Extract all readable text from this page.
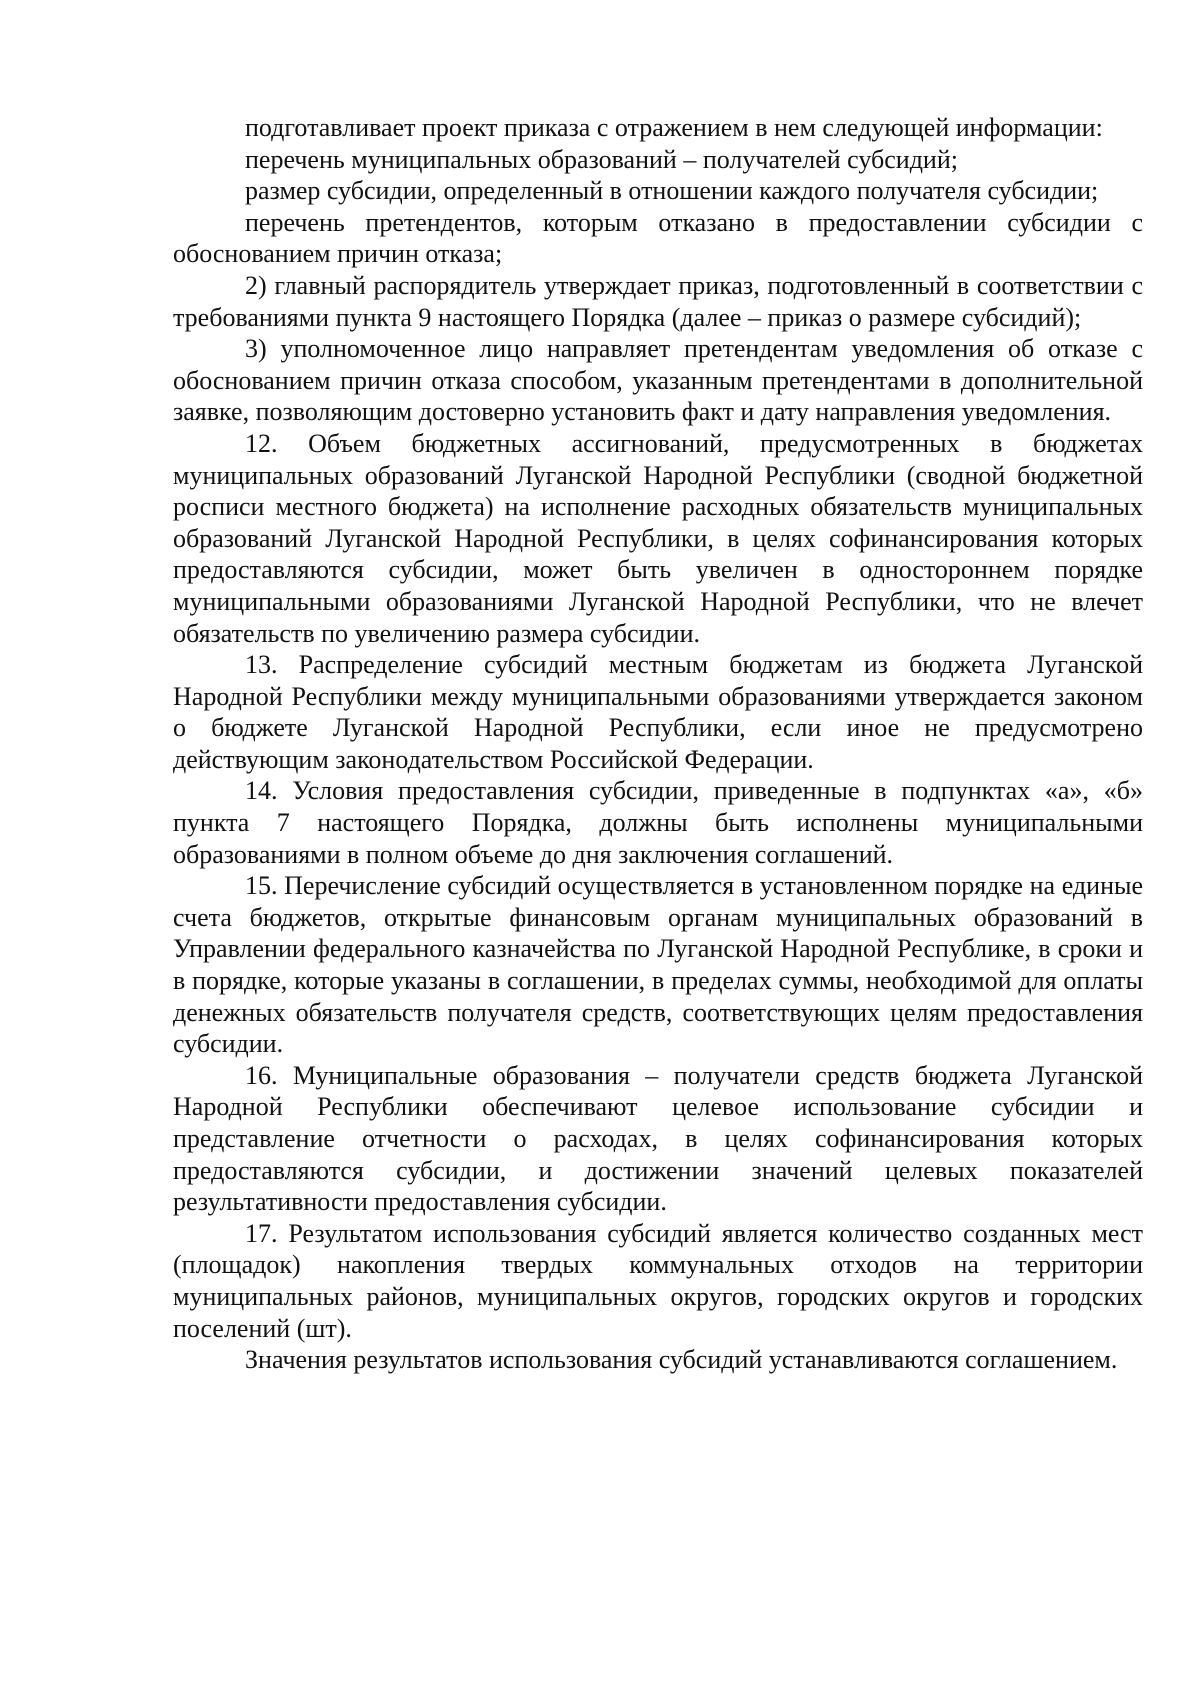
подготавливает проект приказа с отражением в нем следующей информации:

перечень муниципальных образований – получателей субсидий;

размер субсидии, определенный в отношении каждого получателя субсидии;

перечень претендентов, которым отказано в предоставлении субсидии с обоснованием причин отказа;

2) главный распорядитель утверждает приказ, подготовленный в соответствии с требованиями пункта 9 настоящего Порядка (далее – приказ о размере субсидий);

3) уполномоченное лицо направляет претендентам уведомления об отказе с обоснованием причин отказа способом, указанным претендентами в дополнительной заявке, позволяющим достоверно установить факт и дату направления уведомления.

12. Объем бюджетных ассигнований, предусмотренных в бюджетах муниципальных образований Луганской Народной Республики (сводной бюджетной росписи местного бюджета) на исполнение расходных обязательств муниципальных образований Луганской Народной Республики, в целях софинансирования которых предоставляются субсидии, может быть увеличен в одностороннем порядке муниципальными образованиями Луганской Народной Республики, что не влечет обязательств по увеличению размера субсидии.

13. Распределение субсидий местным бюджетам из бюджета Луганской Народной Республики между муниципальными образованиями утверждается законом о бюджете Луганской Народной Республики, если иное не предусмотрено действующим законодательством Российской Федерации.

14. Условия предоставления субсидии, приведенные в подпунктах «а», «б» пункта 7 настоящего Порядка, должны быть исполнены муниципальными образованиями в полном объеме до дня заключения соглашений.

15. Перечисление субсидий осуществляется в установленном порядке на единые счета бюджетов, открытые финансовым органам муниципальных образований в Управлении федерального казначейства по Луганской Народной Республике, в сроки и в порядке, которые указаны в соглашении, в пределах суммы, необходимой для оплаты денежных обязательств получателя средств, соответствующих целям предоставления субсидии.

16. Муниципальные образования – получатели средств бюджета Луганской Народной Республики обеспечивают целевое использование субсидии и представление отчетности о расходах, в целях софинансирования которых предоставляются субсидии, и достижении значений целевых показателей результативности предоставления субсидии.

17. Результатом использования субсидий является количество созданных мест (площадок) накопления твердых коммунальных отходов на территории муниципальных районов, муниципальных округов, городских округов и городских поселений (шт).

Значения результатов использования субсидий устанавливаются соглашением.
